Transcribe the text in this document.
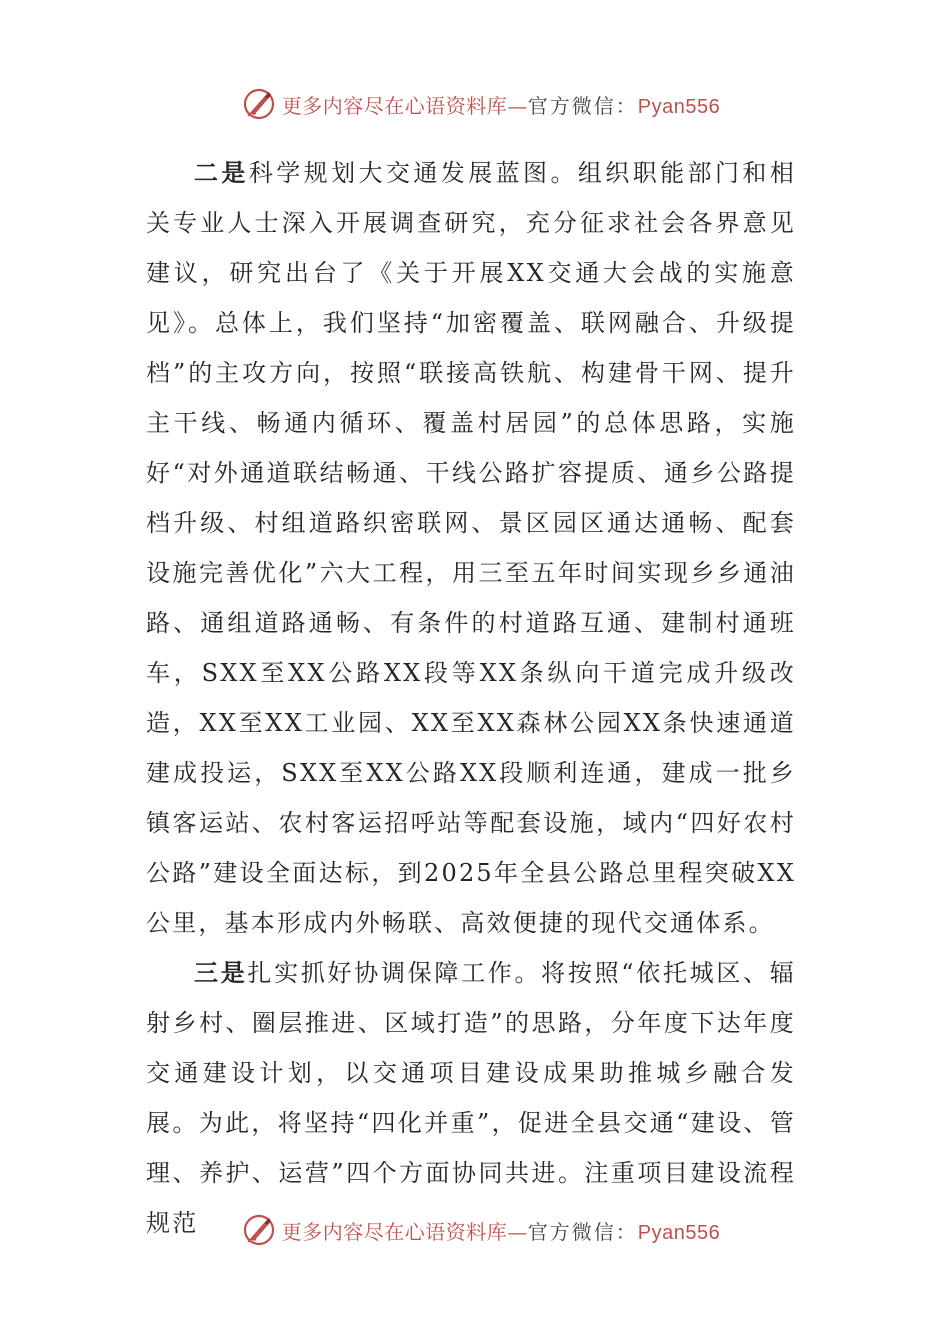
更多内容尽在心语资料库—官方微信：Pyan556

二是科学规划大交通发展蓝图。组织职能部门和相关专业人士深入开展调查研究，充分征求社会各界意见建议，研究出台了《关于开展XX交通大会战的实施意见》。总体上，我们坚持“加密覆盖、联网融合、升级提档”的主攻方向，按照“联接高铁航、构建骨干网、提升主干线、畅通内循环、覆盖村居园”的总体思路，实施好“对外通道联结畅通、干线公路扩容提质、通乡公路提档升级、村组道路织密联网、景区园区通达通畅、配套设施完善优化”六大工程，用三至五年时间实现乡乡通油路、通组道路通畅、有条件的村道路互通、建制村通班车，SXX至XX公路XX段等XX条纵向干道完成升级改造，XX至XX工业园、XX至XX森林公园XX条快速通道建成投运，SXX至XX公路XX段顺利连通，建成一批乡镇客运站、农村客运招呼站等配套设施，域内“四好农村公路”建设全面达标，到2025年全县公路总里程突破XX公里，基本形成内外畅联、高效便捷的现代交通体系。

三是扎实抓好协调保障工作。将按照“依托城区、辐射乡村、圈层推进、区域打造”的思路，分年度下达年度交通建设计划，以交通项目建设成果助推城乡融合发展。为此，将坚持“四化并重”，促进全县交通“建设、管理、养护、运营”四个方面协同共进。注重项目建设流程规范	更多内容尽在心语资料库—官方微信：Pyan556
